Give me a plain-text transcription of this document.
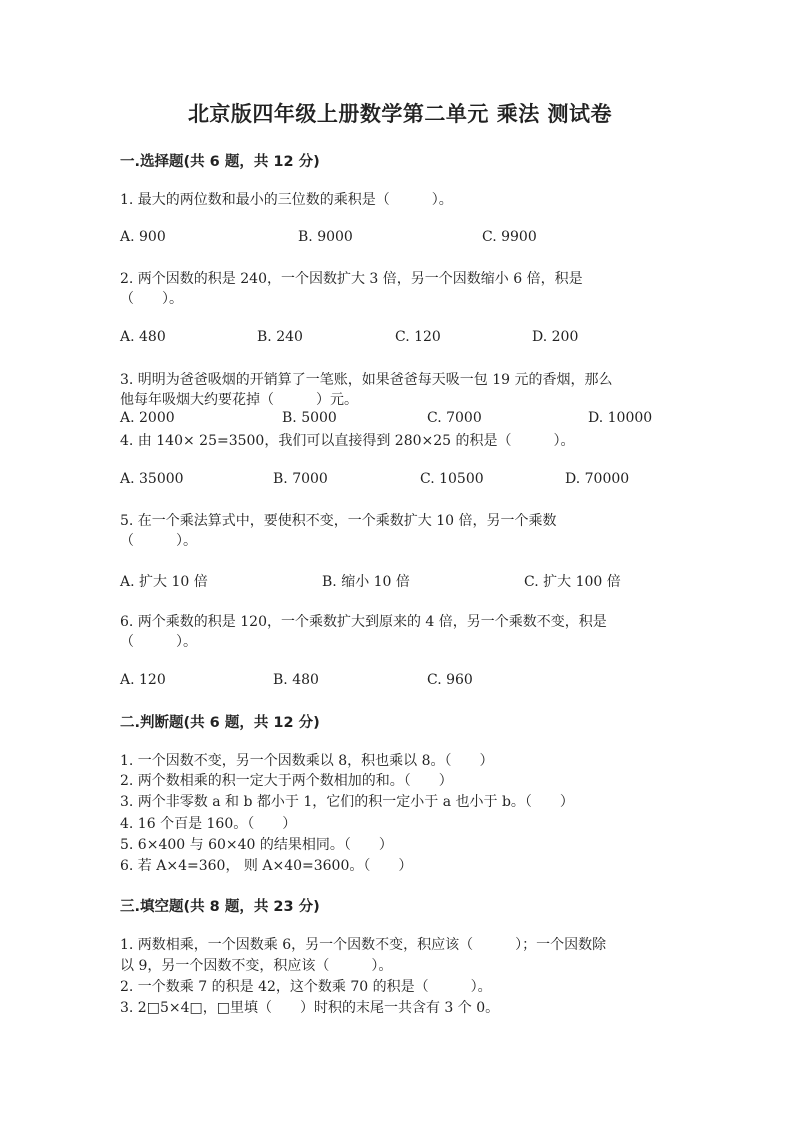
北京版四年级上册数学第二单元 乘法 测试卷
一.选择题(共 6 题，共 12 分)
1. 最大的两位数和最小的三位数的乘积是（　　　）。
A. 900	B. 9000	C. 9900
2. 两个因数的积是 240，一个因数扩大 3 倍，另一个因数缩小 6 倍，积是
（　　）。
A. 480	B. 240	C. 120	D. 200
3. 明明为爸爸吸烟的开销算了一笔账，如果爸爸每天吸一包 19 元的香烟，那么
他每年吸烟大约要花掉（　　　）元。
A. 2000	B. 5000	C. 7000	D. 10000
4. 由 140× 25=3500，我们可以直接得到 280×25 的积是（　　　）。
A. 35000	B. 7000	C. 10500	D. 70000
5. 在一个乘法算式中，要使积不变，一个乘数扩大 10 倍，另一个乘数
（　　　）。
A. 扩大 10 倍	B. 缩小 10 倍	C. 扩大 100 倍
6. 两个乘数的积是 120，一个乘数扩大到原来的 4 倍，另一个乘数不变，积是
（　　　）。
A. 120	B. 480	C. 960
二.判断题(共 6 题，共 12 分)
1. 一个因数不变，另一个因数乘以 8，积也乘以 8。（　　）
2. 两个数相乘的积一定大于两个数相加的和。（　　）
3. 两个非零数 a 和 b 都小于 1，它们的积一定小于 a 也小于 b。（　　）
4. 16 个百是 160。（　　）
5. 6×400 与 60×40 的结果相同。（　　）
6. 若 A×4=360， 则 A×40=3600。（　　）
三.填空题(共 8 题，共 23 分)
1. 两数相乘，一个因数乘 6，另一个因数不变，积应该（　　　）；一个因数除
以 9，另一个因数不变，积应该（　　　）。
2. 一个数乘 7 的积是 42，这个数乘 70 的积是（　　　）。
3. 2□5×4□，□里填（　　）时积的末尾一共含有 3 个 0。
